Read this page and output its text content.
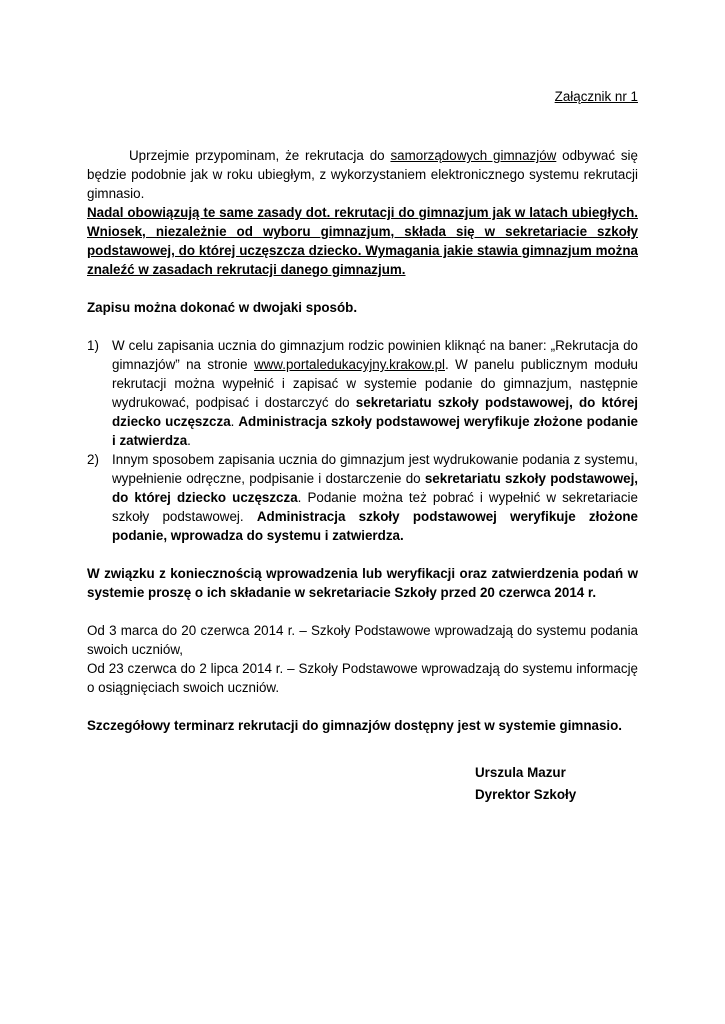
Załącznik nr 1

Uprzejmie przypominam, że rekrutacja do samorządowych gimnazjów odbywać się będzie podobnie jak w roku ubiegłym, z wykorzystaniem elektronicznego systemu rekrutacji gimnasio.

Nadal obowiązują te same zasady dot. rekrutacji do gimnazjum jak w latach ubiegłych. Wniosek, niezależnie od wyboru gimnazjum, składa się w sekretariacie szkoły podstawowej, do której uczęszcza dziecko. Wymagania jakie stawia gimnazjum można znaleźć w zasadach rekrutacji danego gimnazjum.

Zapisu można dokonać w dwojaki sposób.

1) W celu zapisania ucznia do gimnazjum rodzic powinien kliknąć na baner: „Rekrutacja do gimnazjów” na stronie www.portaledukacyjny.krakow.pl. W panelu publicznym modułu rekrutacji można wypełnić i zapisać w systemie podanie do gimnazjum, następnie wydrukować, podpisać i dostarczyć do sekretariatu szkoły podstawowej, do której dziecko uczęszcza. Administracja szkoły podstawowej weryfikuje złożone podanie i zatwierdza.
2) Innym sposobem zapisania ucznia do gimnazjum jest wydrukowanie podania z systemu, wypełnienie odręczne, podpisanie i dostarczenie do sekretariatu szkoły podstawowej, do której dziecko uczęszcza. Podanie można też pobrać i wypełnić w sekretariacie szkoły podstawowej. Administracja szkoły podstawowej weryfikuje złożone podanie, wprowadza do systemu i zatwierdza.

W związku z koniecznością wprowadzenia lub weryfikacji oraz zatwierdzenia podań w systemie proszę o ich składanie w sekretariacie Szkoły przed 20 czerwca 2014 r.

Od 3 marca do 20 czerwca 2014 r. – Szkoły Podstawowe wprowadzają do systemu podania swoich uczniów,

Od 23 czerwca do 2 lipca 2014 r. – Szkoły Podstawowe wprowadzają do systemu informację o osiągnięciach swoich uczniów.

Szczegółowy terminarz rekrutacji do gimnazjów dostępny jest w systemie gimnasio.

Urszula Mazur
Dyrektor Szkoły
